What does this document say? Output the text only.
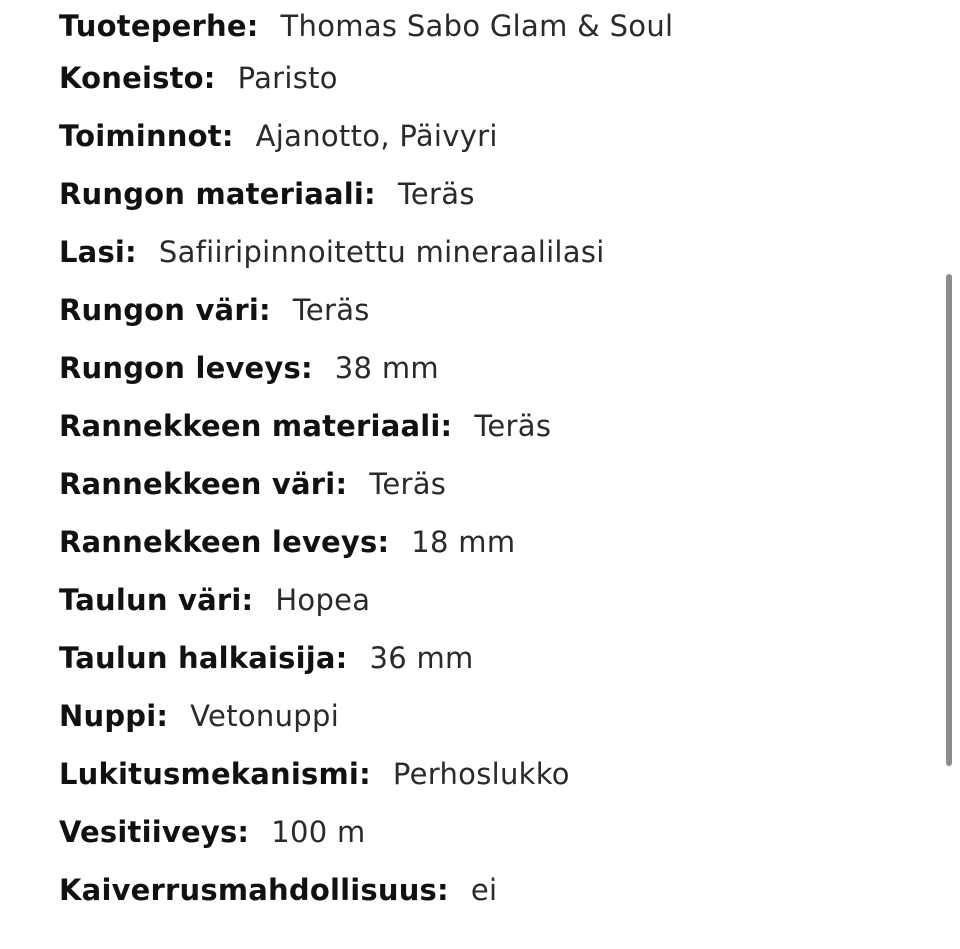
Tuoteperhe: Thomas Sabo Glam & Soul
Koneisto: Paristo
Toiminnot: Ajanotto, Päivyri
Rungon materiaali: Teräs
Lasi: Safiiripinnoitettu mineraalilasi
Rungon väri: Teräs
Rungon leveys: 38 mm
Rannekkeen materiaali: Teräs
Rannekkeen väri: Teräs
Rannekkeen leveys: 18 mm
Taulun väri: Hopea
Taulun halkaisija: 36 mm
Nuppi: Vetonuppi
Lukitusmekanismi: Perhoslukko
Vesitiiveys: 100 m
Kaiverrusmahdollisuus: ei
